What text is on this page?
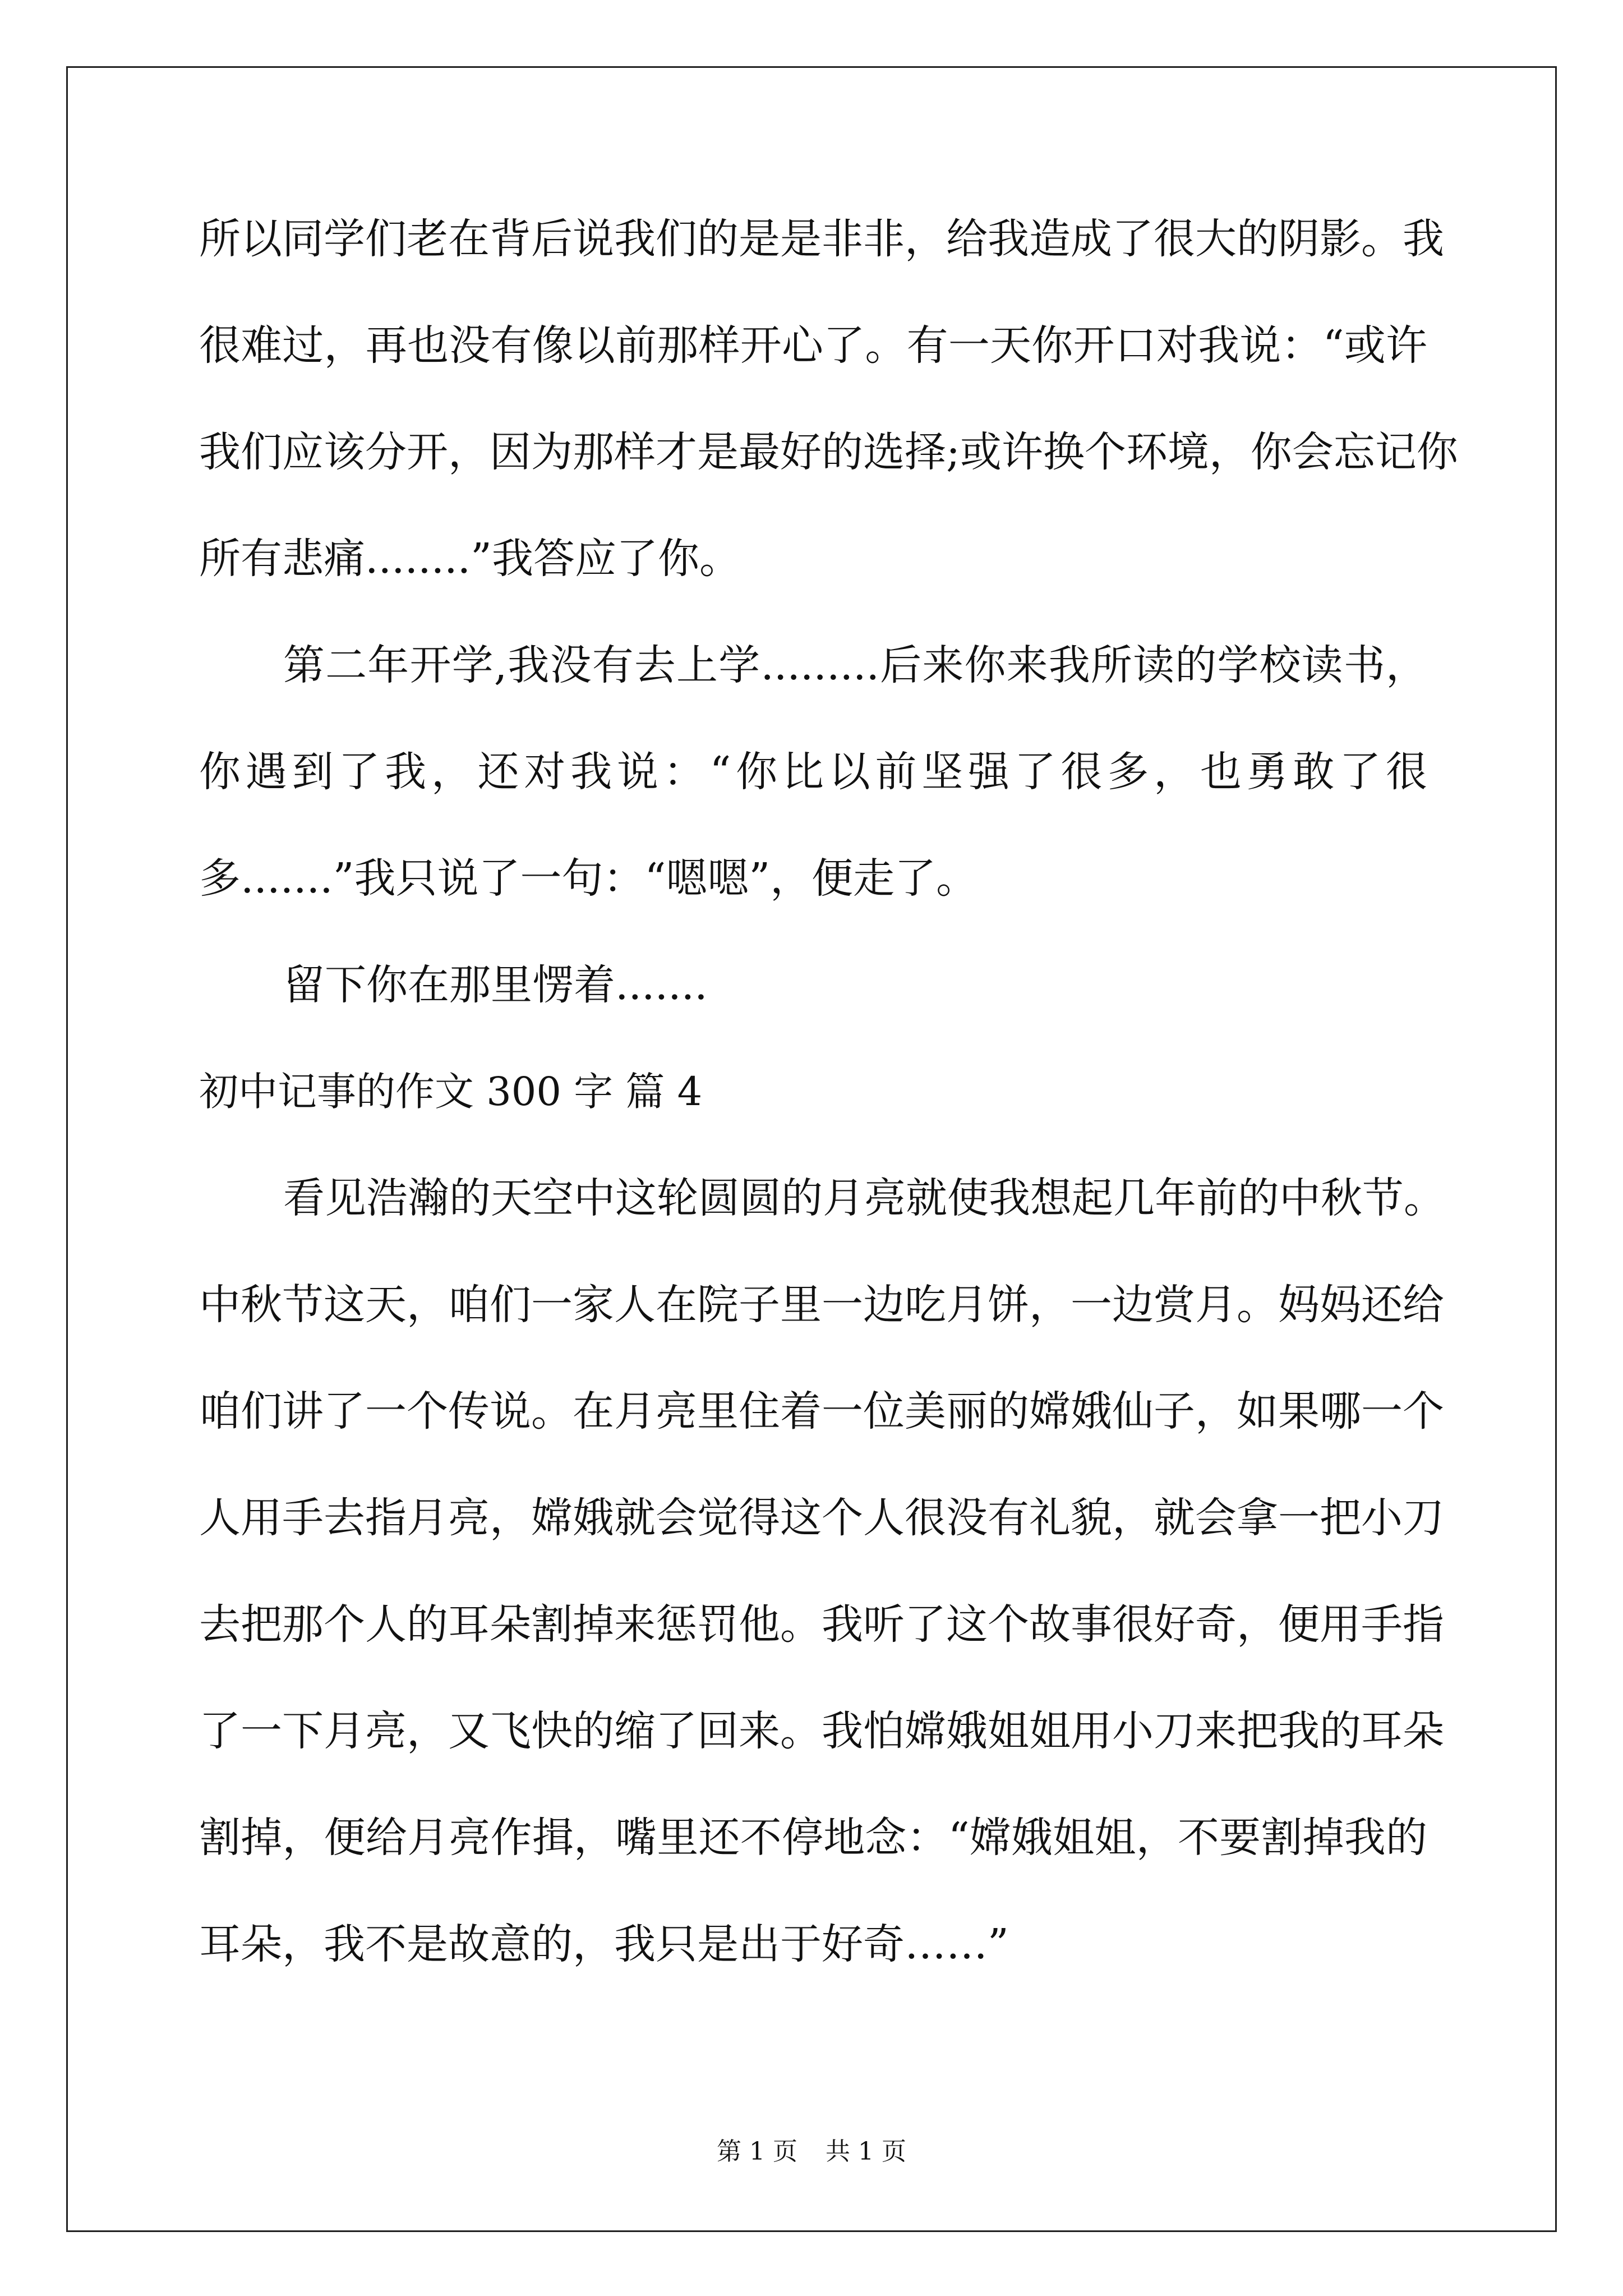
所以同学们老在背后说我们的是是非非，给我造成了很大的阴影。我
很难过，再也没有像以前那样开心了。有一天你开口对我说：“或许
我们应该分开，因为那样才是最好的选择;或许换个环境，你会忘记你
所有悲痛........”我答应了你。
第二年开学,我没有去上学.........后来你来我所读的学校读书，
你遇到了我，还对我说：“你比以前坚强了很多，也勇敢了很
多.......”我只说了一句：“嗯嗯”，便走了。
留下你在那里愣着.......
初中记事的作文 300 字 篇 4
看见浩瀚的天空中这轮圆圆的月亮就使我想起几年前的中秋节。
中秋节这天，咱们一家人在院子里一边吃月饼，一边赏月。妈妈还给
咱们讲了一个传说。在月亮里住着一位美丽的嫦娥仙子，如果哪一个
人用手去指月亮，嫦娥就会觉得这个人很没有礼貌，就会拿一把小刀
去把那个人的耳朵割掉来惩罚他。我听了这个故事很好奇，便用手指
了一下月亮，又飞快的缩了回来。我怕嫦娥姐姐用小刀来把我的耳朵
割掉，便给月亮作揖，嘴里还不停地念：“嫦娥姐姐，不要割掉我的
耳朵，我不是故意的，我只是出于好奇……”
第 1 页 共 1 页
